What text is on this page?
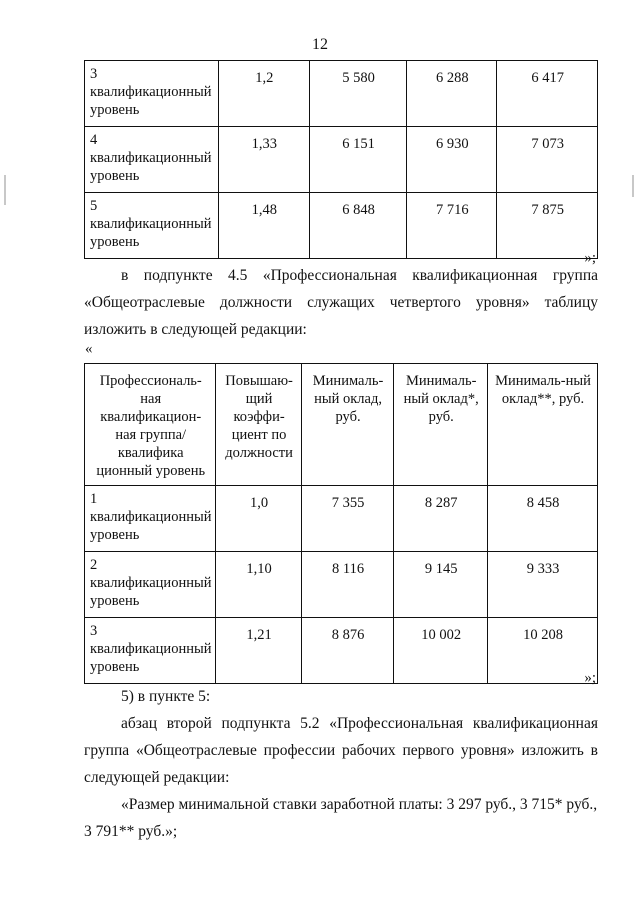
12
3 квалификационный уровень	1,2	5 580	6 288	6 417
4 квалификационный уровень	1,33	6 151	6 930	7 073
5 квалификационный уровень	1,48	6 848	7 716	7 875
»;

в подпункте 4.5 «Профессиональная квалификационная группа

«Общеотраслевые должности служащих четвертого уровня» таблицу

изложить в следующей редакции:

«
Профессиональ-ная квалификацион-ная группа/квалифика ционный уровень	Повышаю-щий коэффи-циент по должности	Минималь-ный оклад, руб.	Минималь-ный оклад*, руб.	Минималь-ный оклад**, руб.
1 квалификационный уровень	1,0	7 355	8 287	8 458
2 квалификационный уровень	1,10	8 116	9 145	9 333
3 квалификационный уровень	1,21	8 876	10 002	10 208
»;

5) в пункте 5:

абзац второй подпункта 5.2 «Профессиональная квалификационная

группа «Общеотраслевые профессии рабочих первого уровня» изложить в

следующей редакции:

«Размер минимальной ставки заработной платы: 3 297 руб., 3 715* руб.,

3 791** руб.»;
